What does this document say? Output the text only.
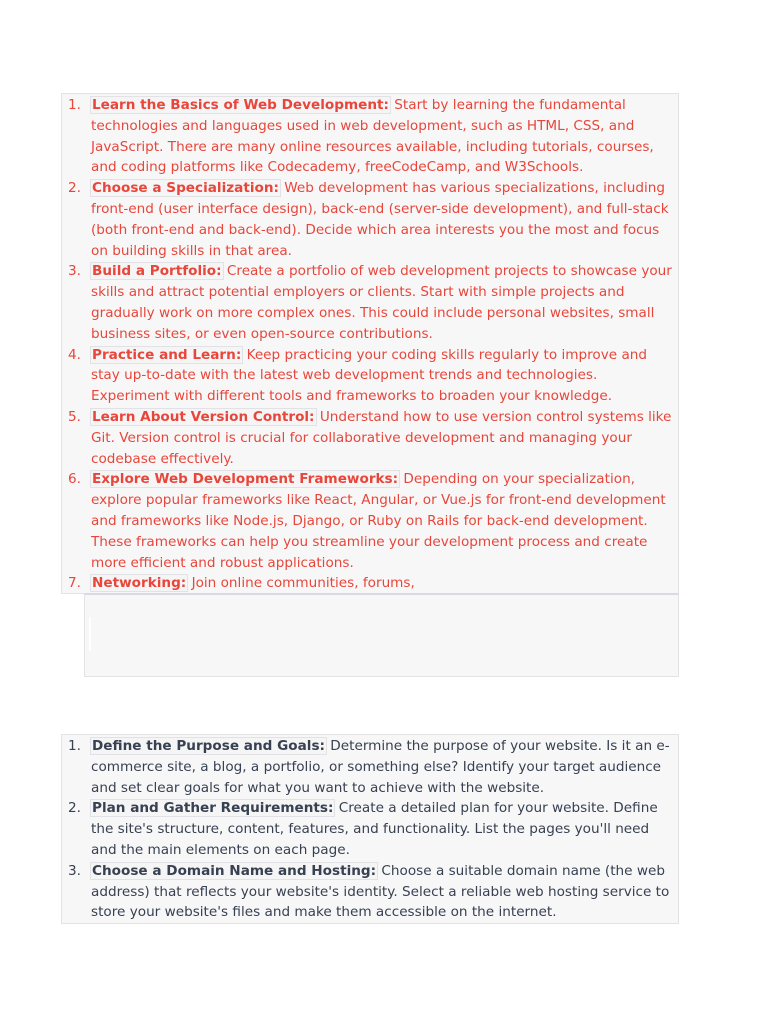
1. Learn the Basics of Web Development: Start by learning the fundamental technologies and languages used in web development, such as HTML, CSS, and JavaScript. There are many online resources available, including tutorials, courses, and coding platforms like Codecademy, freeCodeCamp, and W3Schools.
2. Choose a Specialization: Web development has various specializations, including front-end (user interface design), back-end (server-side development), and full-stack (both front-end and back-end). Decide which area interests you the most and focus on building skills in that area.
3. Build a Portfolio: Create a portfolio of web development projects to showcase your skills and attract potential employers or clients. Start with simple projects and gradually work on more complex ones. This could include personal websites, small business sites, or even open-source contributions.
4. Practice and Learn: Keep practicing your coding skills regularly to improve and stay up-to-date with the latest web development trends and technologies. Experiment with different tools and frameworks to broaden your knowledge.
5. Learn About Version Control: Understand how to use version control systems like Git. Version control is crucial for collaborative development and managing your codebase effectively.
6. Explore Web Development Frameworks: Depending on your specialization, explore popular frameworks like React, Angular, or Vue.js for front-end development and frameworks like Node.js, Django, or Ruby on Rails for back-end development. These frameworks can help you streamline your development process and create more efficient and robust applications.
7. Networking: Join online communities, forums,
1. Define the Purpose and Goals: Determine the purpose of your website. Is it an e-commerce site, a blog, a portfolio, or something else? Identify your target audience and set clear goals for what you want to achieve with the website.
2. Plan and Gather Requirements: Create a detailed plan for your website. Define the site's structure, content, features, and functionality. List the pages you'll need and the main elements on each page.
3. Choose a Domain Name and Hosting: Choose a suitable domain name (the web address) that reflects your website's identity. Select a reliable web hosting service to store your website's files and make them accessible on the internet.
